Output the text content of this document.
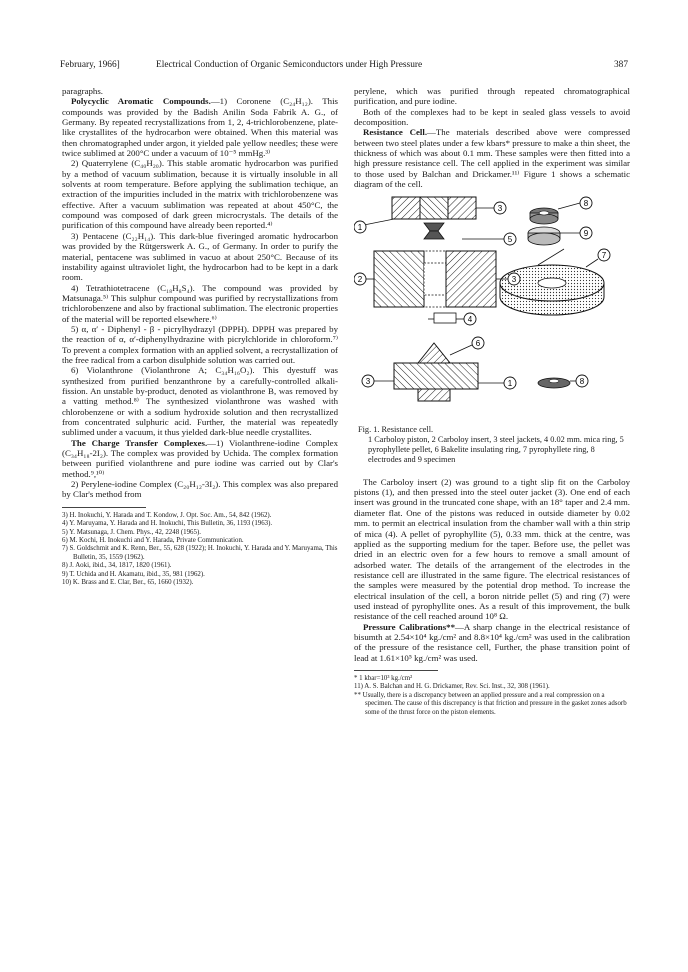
February, 1966]	Electrical Conduction of Organic Semiconductors under High Pressure	387

paragraphs.

Polycyclic Aromatic Compounds.—1) Coronene (C₂₄H₁₂). This compounds was provided by the Badish Anilin Soda Fabrik A. G., of Germany. By repeated recrystallizations from 1, 2, 4-trichlorobenzene, plate-like crystallites of the hydrocarbon were obtained. When this material was then chromatographed under argon, it yielded pale yellow needles; these were twice sublimed at 200°C under a vacuum of 10⁻⁵ mmHg.³⁾

2) Quaterrylene (C₄₀H₂₀). This stable aromatic hydrocarbon was purified by a method of vacuum sublimation, because it is virtually insoluble in all solvents at room temperature. Before applying the sublimation techique, an extraction of the impurities included in the matrix with trichlorobenzene was effective. After a vacuum sublimation was repeated at about 450°C, the compound was composed of dark green microcrystals. The details of the purification of this compound have already been reported.⁴⁾

3) Pentacene (C₂₂H₁₄). This dark-blue fiveringed aromatic hydrocarbon was provided by the Rütgerswerk A. G., of Germany. In order to purify the material, pentacene was sublimed in vacuo at about 250°C. Because of its instability against ultraviolet light, the hydrocarbon had to be kept in a dark room.

4) Tetrathiotetracene (C₁₈H₈S₄). The compound was provided by Matsunaga.⁵⁾ This sulphur compound was purified by recrystallizations from trichlorobenzene and also by fractional sublimation. The electronic properties of the material will be reported elsewhere.⁶⁾

5) α, α′ - Diphenyl - β - picrylhydrazyl (DPPH). DPPH was prepared by the reaction of α, α′-diphenylhydrazine with picrylchloride in chloroform.⁷⁾ To prevent a complex formation with an applied solvent, a recrystallization of the free radical from a carbon disulphide solution was carried out.

6) Violanthrone (Violanthrone A; C₃₄H₁₆O₂). This dyestuff was synthesized from purified benzanthrone by a carefully-controlled alkali-fission. An unstable by-product, denoted as violanthrone B, was removed by a vatting method.⁸⁾ The synthesized violanthrone was washed with chlorobenzene or with a sodium hydroxide solution and then recrystallized from concentrated sulphuric acid. Further, the material was repeatedly sublimed under a vacuum, it thus yielded dark-blue needle crystallites.

The Charge Transfer Complexes.—1) Violanthrene-iodine Complex (C₃₄H₁₈-2I₂). The complex was provided by Uchida. The complex formation between purified violanthrene and pure iodine was carried out by Clar's method.⁹,¹⁰⁾

2) Perylene-iodine Complex (C₂₀H₁₂-3I₂). This complex was also prepared by Clar's method from

3) H. Inokuchi, Y. Harada and T. Kondow, J. Opt. Soc. Am., 54, 842 (1962).
4) Y. Maruyama, Y. Harada and H. Inokuchi, This Bulletin, 36, 1193 (1963).
5) Y. Matsunaga, J. Chem. Phys., 42, 2248 (1965).
6) M. Kochi, H. Inokuchi and Y. Harada, Private Communication.
7) S. Goldschmit and K. Renn, Ber., 55, 628 (1922); H. Inokuchi, Y. Harada and Y. Maruyama, This Bulletin, 35, 1559 (1962).
8) J. Aoki, ibid., 34, 1817, 1820 (1961).
9) T. Uchida and H. Akamatu, ibid., 35, 981 (1962).
10) K. Brass and E. Clar, Ber., 65, 1660 (1932).

perylene, which was purified through repeated chromatographical purification, and pure iodine.

Both of the complexes had to be kept in sealed glass vessels to avoid decomposition.

Resistance Cell.—The materials described above were compressed between two steel plates under a few kbars* pressure to make a thin sheet, the thickness of which was about 0.1 mm. These samples were then fitted into a high pressure resistance cell. The cell applied in the experiment was similar to those used by Balchan and Drickamer.¹¹⁾ Figure 1 shows a schematic diagram of the cell.

3
1
5
2	3
4
8
9
7
6
3	1	8
Fig. 1. Resistance cell.
1 Carboloy piston, 2 Carboloy insert, 3 steel jackets, 4 0.02 mm. mica ring, 5 pyrophyllete pellet, 6 Bakelite insulating ring, 7 pyrophyllete ring, 8 electrodes and 9 specimen

The Carboloy insert (2) was ground to a tight slip fit on the Carboloy pistons (1), and then pressed into the steel outer jacket (3). One end of each insert was ground in the truncated cone shape, with an 18° taper and 2.4 mm. diameter flat. One of the pistons was reduced in outside diameter by 0.02 mm. to permit an electrical insulation from the chamber wall with a thin strip of mica (4). A pellet of pyrophyllite (5), 0.33 mm. thick at the centre, was applied as the supporting medium for the taper. Before use, the pellet was dried in an electric oven for a few hours to remove a small amount of adsorbed water. The details of the arrangement of the electrodes in the resistance cell are illustrated in the same figure. The electrical resistances of the samples were measured by the potential drop method. To increase the electrical insulation of the cell, a boron nitride pellet (5) and ring (7) were used instead of pyrophyllite ones. As a result of this improvement, the bulk resistance of the cell reached around 10⁸ Ω.

Pressure Calibrations**—A sharp change in the electrical resistance of bisumth at 2.54×10⁴ kg./cm² and 8.8×10⁴ kg./cm² was used in the calibration of the pressure of the resistance cell, Further, the phase transition point of lead at 1.61×10⁵ kg./cm² was used.

* 1 kbar=10³ kg./cm²
11) A. S. Balchan and H. G. Drickamer, Rev. Sci. Inst., 32, 308 (1961).
** Usually, there is a discrepancy between an applied pressure and a real compression on a specimen. The cause of this discrepancy is that friction and pressure in the gasket zones adsorb some of the thrust force on the piston elements.
